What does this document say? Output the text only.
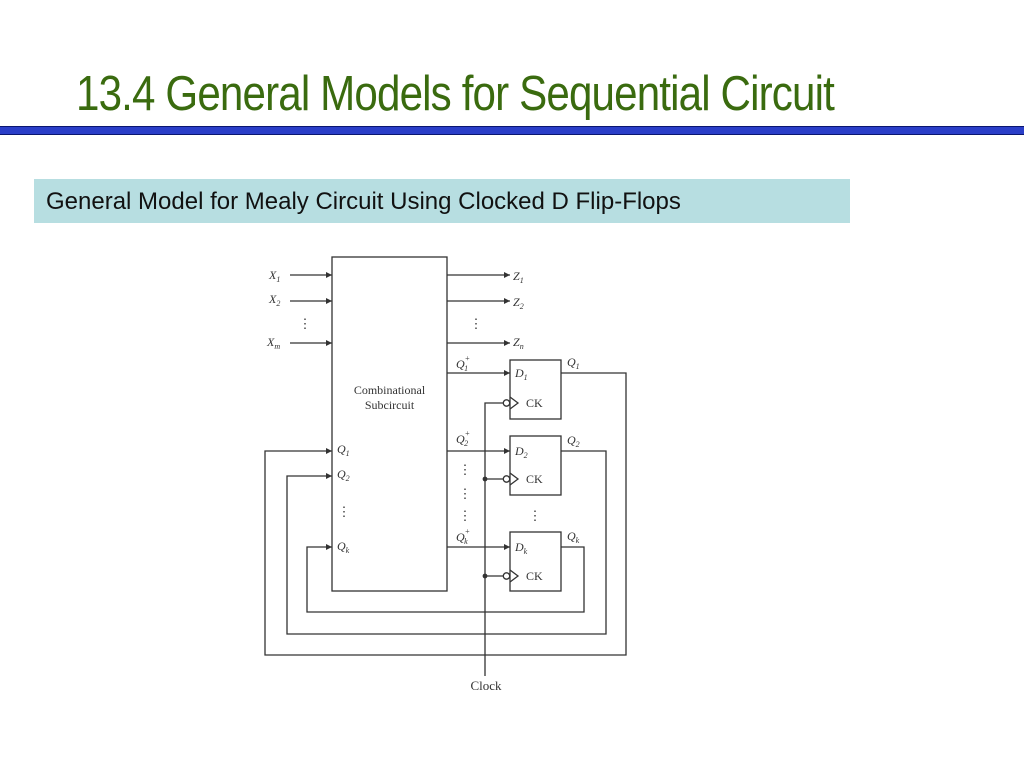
13.4 General Models for Sequential Circuit
General Model for Mealy Circuit Using Clocked D Flip-Flops
Combinational
Subcircuit
$X_1$
$X_2$
$X_m$
$Z_1$
$Z_2$
$Z_n$
$Q_1$
$Q_2$
$Q_k$
Q+ 1
Q+ 2
Q+ k
$D_1$
$D_2$
$D_k$
CK
CK
CK
$Q_1$
$Q_2$
$Q_k$
⋮	⋮
⋮
⋮
⋮
⋮	⋮
Clock
